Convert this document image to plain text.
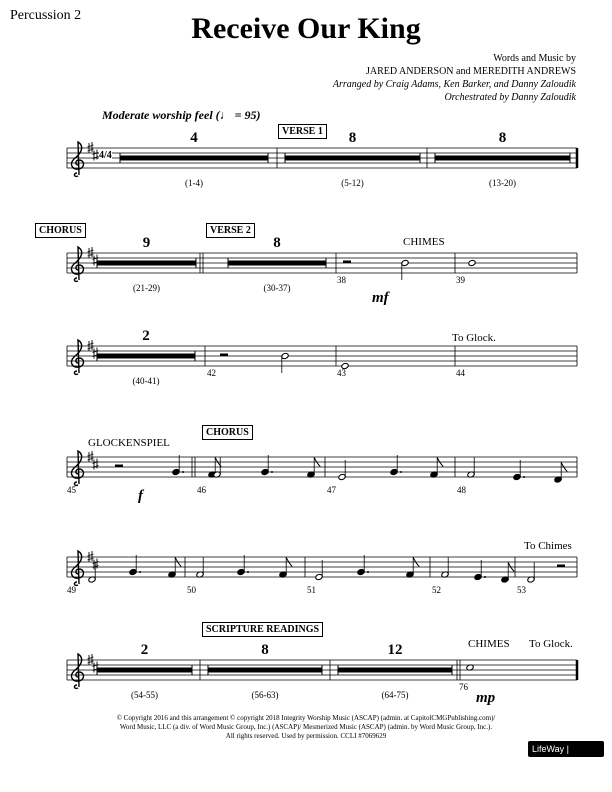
Percussion 2	Receive Our King
Words and Music by
JARED ANDERSON and MEREDITH ANDREWS
Arranged by Craig Adams, Ken Barker, and Danny Zaloudik
Orchestrated by Danny Zaloudik
Moderate worship feel (♩ = 95)
VERSE 1
CHORUS	VERSE 2
CHORUS
SCRIPTURE READINGS
CHIMES
To Glock.
GLOCKENSPIEL
To Chimes
CHIMES To Glock.
mf
f
mp
4
(1-4)
8
(5-12)
8
(13-20)
9
(21-29)
8
(30-37)
2
(40-41)
2
(54-55)
8
(56-63)
12
(64-75)
38	39
42	43	44
45	46	47	48
49	50	51	52	53
76
4/4
© Copyright 2016 and this arrangement © copyright 2018 Integrity Worship Music (ASCAP) (admin. at CapitolCMGPublishing.com)/
Word Music, LLC (a div. of Word Music Group, Inc.) (ASCAP)/ Mesmerized Music (ASCAP) (admin. by Word Music Group, Inc.).
All rights reserved. Used by permission. CCLI #7069629
LifeWay | Worship
